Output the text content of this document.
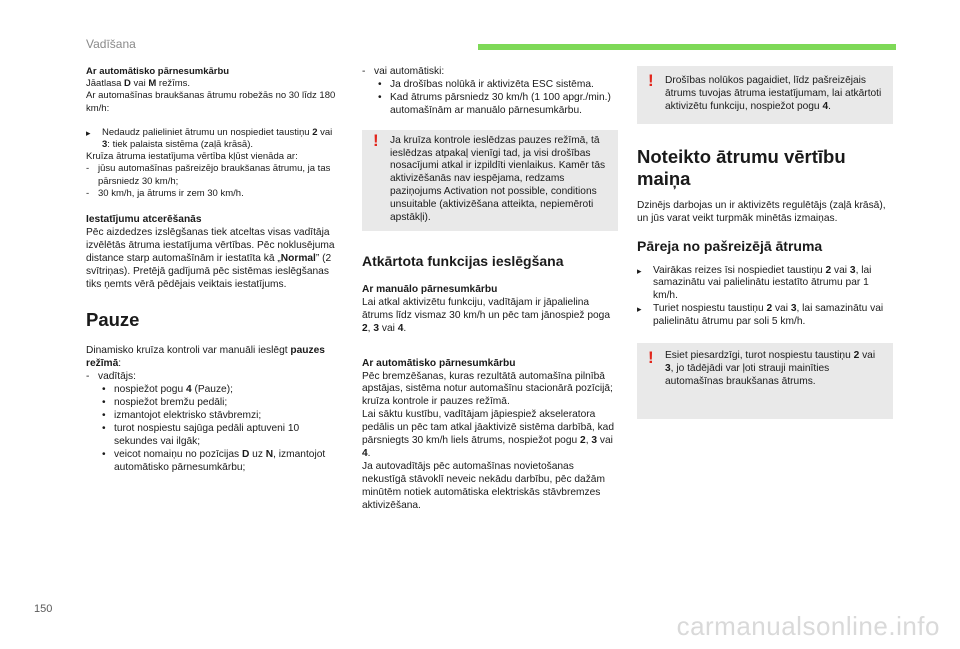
Vadīšana

Ar automātisko pārnesumkārbu

Jāatlasa D vai M režīms.

Ar automašīnas braukšanas ātrumu robežās no 30 līdz 180 km/h:

▸ Nedaudz palieliniet ātrumu un nospiediet taustiņu 2 vai 3: tiek palaista sistēma (zaļā krāsā).

Kruīza ātruma iestatījuma vērtība kļūst vienāda ar:

- jūsu automašīnas pašreizējo braukšanas ātrumu, ja tas pārsniedz 30 km/h;

- 30 km/h, ja ātrums ir zem 30 km/h.

Iestatījumu atcerēšanās

Pēc aizdedzes izslēgšanas tiek atceltas visas vadītāja izvēlētās ātruma iestatījuma vērtības. Pēc noklusējuma distance starp automašīnām ir iestatīta kā „Normal” (2 svītriņas). Pretējā gadījumā pēc sistēmas ieslēgšanas tiks ņemts vērā pēdējais veiktais iestatījums.

Pauze

Dinamisko kruīza kontroli var manuāli ieslēgt pauzes režīmā:

- vadītājs:

• nospiežot pogu 4 (Pauze);

• nospiežot bremžu pedāli;

• izmantojot elektrisko stāvbremzi;

• turot nospiestu sajūga pedāli aptuveni 10 sekundes vai ilgāk;

• veicot nomaiņu no pozīcijas D uz N, izmantojot automātisko pārnesumkārbu;

- vai automātiski:

• Ja drošības nolūkā ir aktivizēta ESC sistēma.

• Kad ātrums pārsniedz 30 km/h (1 100 apgr./min.) automašīnām ar manuālo pārnesumkārbu.

! Ja kruīza kontrole ieslēdzas pauzes režīmā, tā ieslēdzas atpakaļ vienīgi tad, ja visi drošības nosacījumi atkal ir izpildīti vienlaikus. Kamēr tās aktivizēšanās nav iespējama, redzams paziņojums Activation not possible, conditions unsuitable (aktivizēšana atteikta, nepiemēroti apstākļi).

Atkārtota funkcijas ieslēgšana

Ar manuālo pārnesumkārbu

Lai atkal aktivizētu funkciju, vadītājam ir jāpalielina ātrums līdz vismaz 30 km/h un pēc tam jānospiež poga 2, 3 vai 4.

Ar automātisko pārnesumkārbu

Pēc bremzēšanas, kuras rezultātā automašīna pilnībā apstājas, sistēma notur automašīnu stacionārā pozīcijā; kruīza kontrole ir pauzes režīmā.

Lai sāktu kustību, vadītājam jāpiespiež akseleratora pedālis un pēc tam atkal jāaktivizē sistēma darbībā, kad pārsniegts 30 km/h liels ātrums, nospiežot pogu 2, 3 vai 4.

Ja autovadītājs pēc automašīnas novietošanas nekustīgā stāvoklī neveic nekādu darbību, pēc dažām minūtēm notiek automātiska elektriskās stāvbremzes aktivizēšana.

! Drošības nolūkos pagaidiet, līdz pašreizējais ātrums tuvojas ātruma iestatījumam, lai atkārtoti aktivizētu funkciju, nospiežot pogu 4.

Noteikto ātrumu vērtību maiņa

Dzinējs darbojas un ir aktivizēts regulētājs (zaļā krāsā), un jūs varat veikt turpmāk minētās izmaiņas.

Pāreja no pašreizējā ātruma

▸ Vairākas reizes īsi nospiediet taustiņu 2 vai 3, lai samazinātu vai palielinātu iestatīto ātrumu par 1 km/h.

▸ Turiet nospiestu taustiņu 2 vai 3, lai samazinātu vai palielinātu ātrumu par soli 5 km/h.

! Esiet piesardzīgi, turot nospiestu taustiņu 2 vai 3, jo tādējādi var ļoti strauji mainīties automašīnas braukšanas ātrums.

150
carmanualsonline.info
